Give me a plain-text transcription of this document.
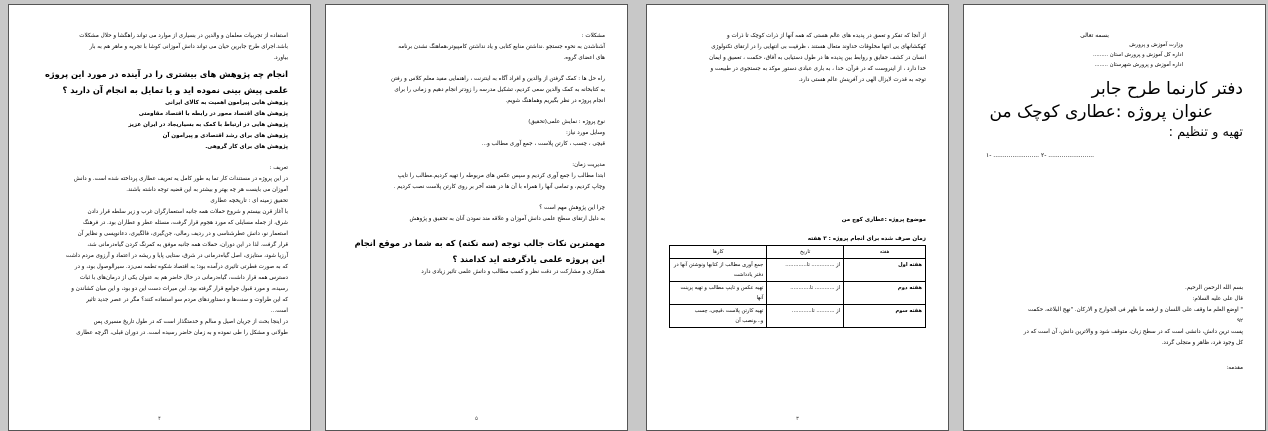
استفاده از تجربیات معلمان و والدین در بسیاری از موارد می تواند راهگشا و حلال مشکلات

باشد.اجرای طرح جابرین حیان می تواند دانش آموزانی کوشا با تجربه و ماهر هم به بار

بیاورد.

انجام چه پژوهش های بیشتری را در آینده در مورد این پروژه علمی پیش بینی نموده اید و یا تمایل به انجام آن دارید ؟

پژوهش هایی پیرامون اهمیت به کالای ایرانی

پژوهش های اقتصاد محور در رابطه با اقتصاد مقاومتی

پژوهش هایی در ارتباط با کمک به بسیاریجاد در ایران عزیز

پژوهش های برای رشد اقتصادی و پیرامون آن

پژوهش های برای کار گروهی.

تعریف :

در این پروژه در مستندات کار تما یه طور کامل یه تعریف عطاری پرداخته شده است. و دانش

آموزان می بایست هر چه بهتر و بیشتر به این قضیه توجه داشته باشند.

تحقیق زمینه ای : تاریخچه عطاری

با آغاز قرن بیستم و شروع حملات همه جانبه استعمارگران غرب و زیر سلطه قرار دادن

شرق، از جمله مسایلی که مورد هجوم قرار گرفت، مسئله عطر و عطاران بود. در فرهنگ

استعمار نو، دانش عطرشناسی و در ردیف رمالی، جن‌گیری، فالگیری، دعانویسی و نظایر آن

قرار گرفت. لذا در این دوران، حملات همه جانبه موفق به کمرنگ کردن گیاه‌درمانی شد،

آرزیا شود، ستایزی، اصل گیاه‌درمانی در شرق، ستایی پایا و ریشه در اعتماد و آرزوی مردم داشت

که به صورت فطرتی تاثیری درآمده بود؛ به اقتصاد شکوه تطمه نمی‌زد. سیرالوصول بود، و در

دسترس همه قرار داشت، گیاه‌درمانی در حال حاضر هم به عنوان یکی از درمان‌های با ثبات

رسیده، و مورد قبول جوامع قرار گرفته بود. این میراث دست این دو بود، و این میان کشاندن و

که این طراوت و سنت‌ها و دستاوردهای مردم سو استفاده کنند؟ مگر در عصر جدید تاثیر

است...

در اینجا بحث از جریان اصیل و سالم و خدمتگذار است که در طول تاریخ مسیری پس

طولانی و مشکل را طی نموده و به زمان حاضر رسیده است. در دوران قبلی، اگرچه عطاری

۴

مشکلات :

آشناشدن به نحوه جستجو .نداشتن منابع کتابی و یاد نداشتن کامپیوتر،هماهنگ نشدن برنامه

های اعضای گروه.

راه حل ها : کمک گرفتن از والدین و افراد آگاه به اینترنت ، راهنمایی مفید معلم کلاس و رفتن

به کتابخانه به کمک والدین سعی کردیم، تشکیل مدرسه را زودتر انجام دهیم و زمانی را برای

انجام پروژه در نظر بگیریم وهماهنگ شویم.

نوع پروژه : نمایش علمی(تحقیق)

وسایل مورد نیاز:

قیچی ، چسب ، کارتن پلاست ، جمع آوری مطالب و...

مدیریت زمان:

ابتدا مطالب را جمع آوری کردیم و سپس عکس های مربوطه را تهیه کردیم.مطالب را تایپ

وچاپ کردیم، و تمامی آنها را همراه با آن ها در هفته آخر بر روی کارتن پلاست نصب کردیم .

چرا این پژوهش مهم است ؟

به دلیل ارتقای سطح علمی دانش آموزان و علاقه مند نمودن آنان به تحقیق و پژوهش

مهمترین نکات جالب توجه (سه نکته) که به شما در موقع انجام این پروژه علمی یادگرفته اید کدامند ؟

همکاری و مشارکت در دقت نظر و کسب مطالب و دانش علمی تاثیر زیادی دارد

۵

از آنجا که تفکر و تعمق در پدیده های عالم هستی که همه آنها از ذرات کوچک تا ذرات و

کهکشانهای بی انتها مخلوقات خداوند متعال هستند ، ظرفیت بی انتهایی را در ارتقای تکنولوژی

انسان در کشف حقایق و روابط بین پدیده ها در طول دستیابی به آفاق، حکمت ، تعمیق و ایمان

خدا دارد ، از اینروست که در قرآن، خدا ، به باری عبادی دستور موکد به جستجوی در طبیعت و

توجه به قدرت لایزال الهی در آفرینش عالم هستی دارد.

موضوع پروژه :عطاری کوچ من

زمان صرف شده برای انجام پروژه : ۳ هفته

هفته	تاریخ	کارها
هفته اول	از .............. تا.............	جمع آوری مطالب از کتابها ونوشتن آنها در دفتر یادداشت
هفته دوم	از ............ تا............	تهیه عکس و تایپ مطالب و تهیه پرینت آنها
هفته سوم	از ........... تا............	تهیه کارتن پلاست ،قیچی، چسب و...ونصب آن
۳

بسمه تعالی

وزارت آموزش و پرورش

اداره کل آموزش و پرورش استان .........

اداره آموزش و پرورش شهرستان ........

دفتر کارنما طرح جابر

عنوان پروژه :عطاری کوچک من

تهیه و تنظیم :

۱- ........................ ۲- ........................

بسم الله الرحمن الرحیم.

قال علی علیه السلام:

" اوضع العلم ما وقف علی اللسان و ارفعه ما ظهر فی الجوارح و الارکان. "نهج البلاغه، حکمت

۹۲

پست ترین دانش، دانشی است که در سطح زبان، متوقف شود و والاترین دانش، آن است که در

کل وجود فرد، ظاهر و متجلی گردد.

مقدمه:
